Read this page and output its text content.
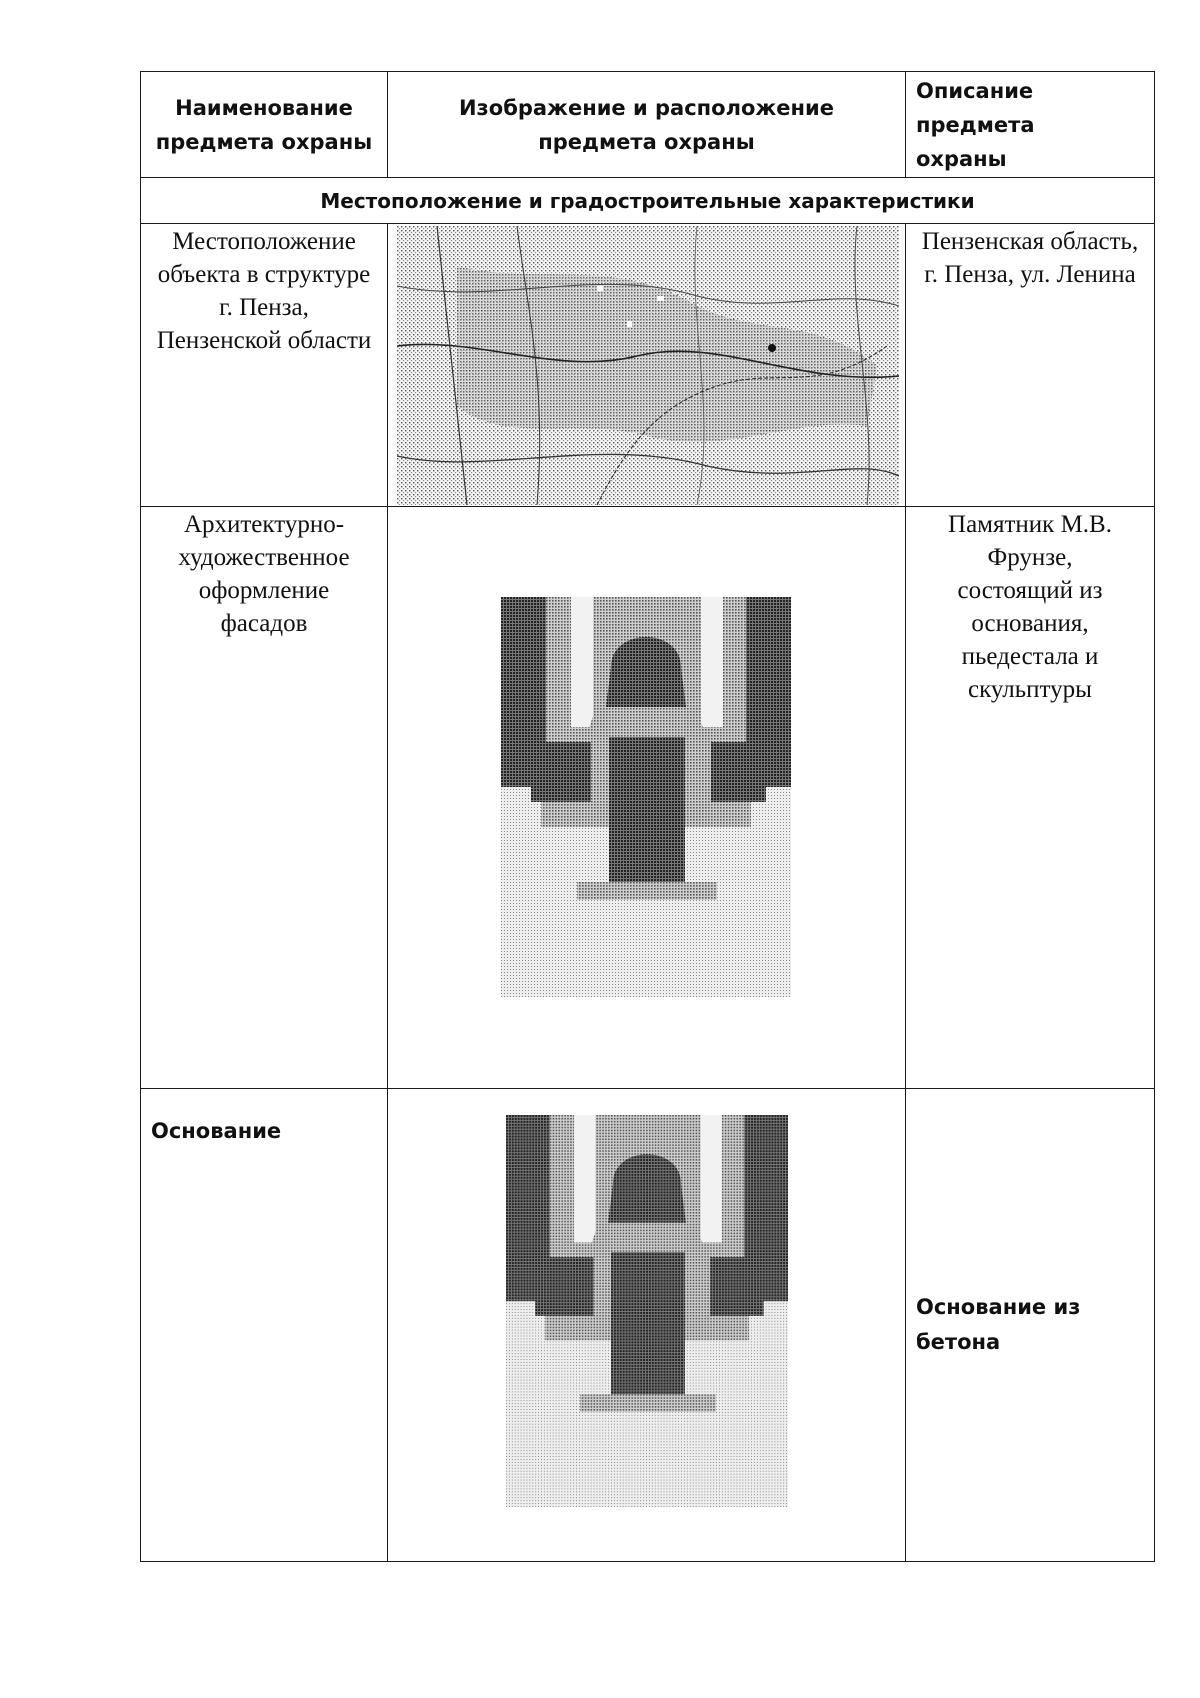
Наименование предмета охраны	Изображение и расположение предмета охраны	Описание предмета охраны
Местоположение и градостроительные характеристики		
Местоположение объекта в структуре г. Пенза, Пензенской области		Пензенская область, г. Пенза, ул. Ленина
Архитектурно-художественное оформление фасадов		Памятник М.В. Фрунзе, состоящий из основания, пьедестала и скульптуры
Основание		Основание из бетона
